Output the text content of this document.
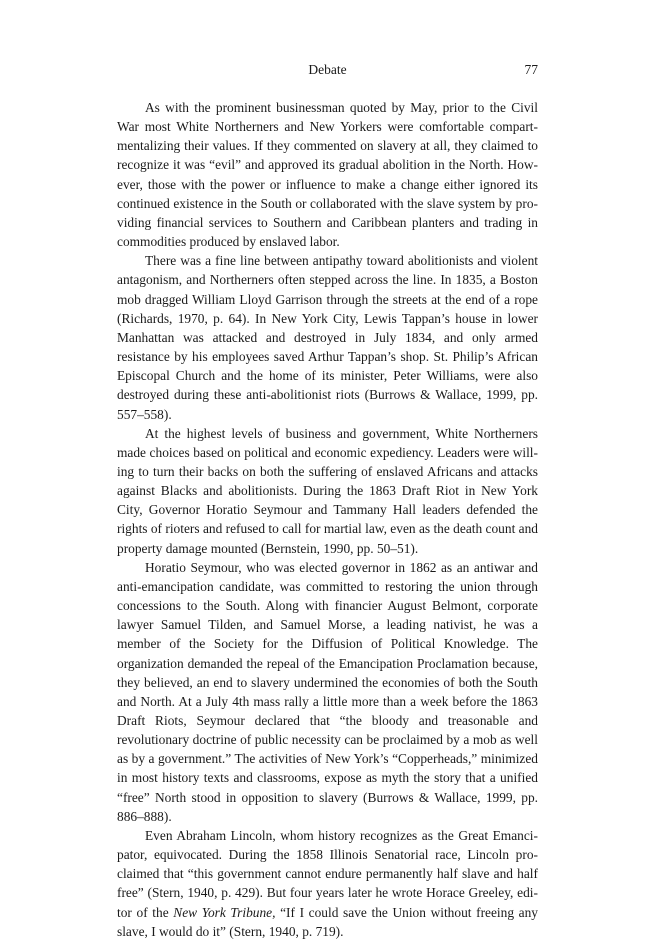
Debate	77

As with the prominent businessman quoted by May, prior to the Civil War most White Northerners and New Yorkers were comfortable compartmentalizing their values. If they commented on slavery at all, they claimed to recognize it was “evil” and approved its gradual abolition in the North. However, those with the power or influence to make a change either ignored its continued existence in the South or collaborated with the slave system by providing financial services to Southern and Caribbean planters and trading in commodities produced by enslaved labor.

There was a fine line between antipathy toward abolitionists and violent antagonism, and Northerners often stepped across the line. In 1835, a Boston mob dragged William Lloyd Garrison through the streets at the end of a rope (Richards, 1970, p. 64). In New York City, Lewis Tappan’s house in lower Manhattan was attacked and destroyed in July 1834, and only armed resistance by his employees saved Arthur Tappan’s shop. St. Philip’s African Episcopal Church and the home of its minister, Peter Williams, were also destroyed during these anti-abolitionist riots (Burrows & Wallace, 1999, pp. 557–558).

At the highest levels of business and government, White Northerners made choices based on political and economic expediency. Leaders were willing to turn their backs on both the suffering of enslaved Africans and attacks against Blacks and abolitionists. During the 1863 Draft Riot in New York City, Governor Horatio Seymour and Tammany Hall leaders defended the rights of rioters and refused to call for martial law, even as the death count and property damage mounted (Bernstein, 1990, pp. 50–51).

Horatio Seymour, who was elected governor in 1862 as an antiwar and anti-emancipation candidate, was committed to restoring the union through concessions to the South. Along with financier August Belmont, corporate lawyer Samuel Tilden, and Samuel Morse, a leading nativist, he was a member of the Society for the Diffusion of Political Knowledge. The organization demanded the repeal of the Emancipation Proclamation because, they believed, an end to slavery undermined the economies of both the South and North. At a July 4th mass rally a little more than a week before the 1863 Draft Riots, Seymour declared that “the bloody and treasonable and revolutionary doctrine of public necessity can be proclaimed by a mob as well as by a government.” The activities of New York’s “Copperheads,” minimized in most history texts and classrooms, expose as myth the story that a unified “free” North stood in opposition to slavery (Burrows & Wallace, 1999, pp. 886–888).

Even Abraham Lincoln, whom history recognizes as the Great Emancipator, equivocated. During the 1858 Illinois Senatorial race, Lincoln proclaimed that “this government cannot endure permanently half slave and half free” (Stern, 1940, p. 429). But four years later he wrote Horace Greeley, editor of the New York Tribune, “If I could save the Union without freeing any slave, I would do it” (Stern, 1940, p. 719).
